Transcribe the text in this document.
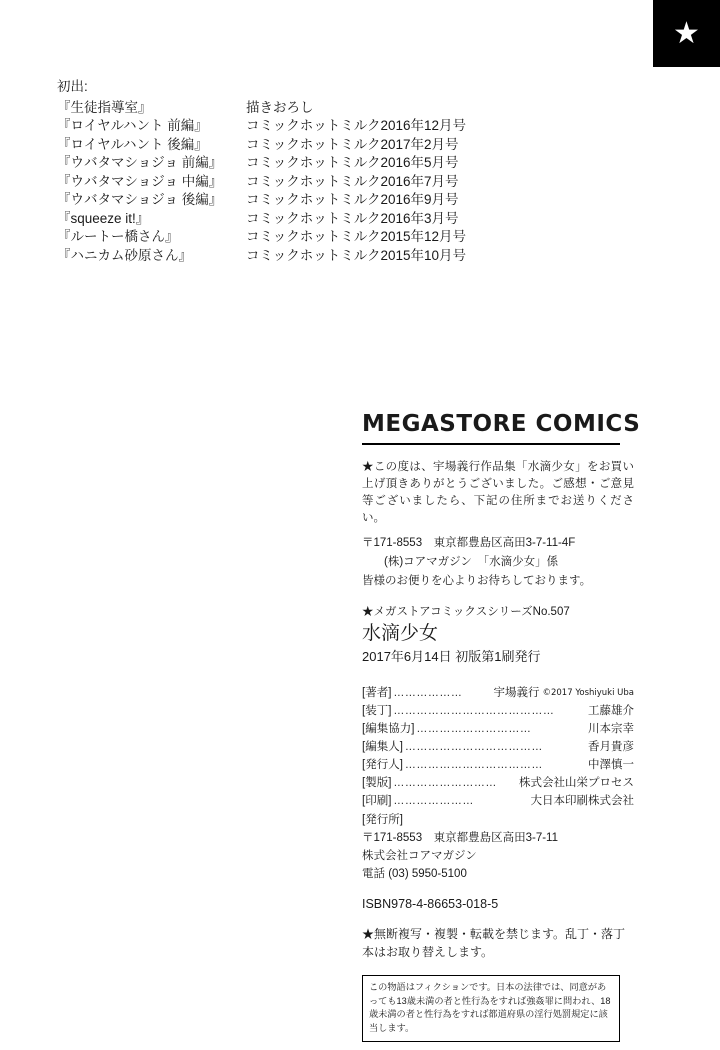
★
初出:
『生徒指導室』	描きおろし
『ロイヤルハント 前編』	コミックホットミルク2016年12月号
『ロイヤルハント 後編』	コミックホットミルク2017年2月号
『ウバタマショジョ 前編』	コミックホットミルク2016年5月号
『ウバタマショジョ 中編』	コミックホットミルク2016年7月号
『ウバタマショジョ 後編』	コミックホットミルク2016年9月号
『squeeze it!』	コミックホットミルク2016年3月号
『ルートー橋さん』	コミックホットミルク2015年12月号
『ハニカム砂原さん』	コミックホットミルク2015年10月号
MEGASTORE COMICS
★この度は、宇場義行作品集「水滴少女」をお買い上げ頂きありがとうございました。ご感想・ご意見等ございましたら、下記の住所までお送りください。
〒171-8553　東京都豊島区高田3-7-11-4F
(株)コアマガジン　「水滴少女」係
皆様のお便りを心よりお待ちしております。
★メガストアコミックスシリーズNo.507
水滴少女
2017年6月14日 初版第1刷発行
[著者] ………………	宇場義行 ©2017 Yoshiyuki Uba
[装丁] ……………………………………	工藤雄介
[編集協力] …………………………	川本宗幸
[編集人] ………………………………	香月貴彦
[発行人] ………………………………	中澤慎一
[製版] ………………………	株式会社山栄プロセス
[印刷] …………………	大日本印刷株式会社
[発行所]
〒171-8553　東京都豊島区高田3-7-11
株式会社コアマガジン
電話 (03) 5950-5100
ISBN978-4-86653-018-5
★無断複写・複製・転載を禁じます。乱丁・落丁
本はお取り替えします。
この物語はフィクションです。日本の法律では、同意があっても13歳未満の者と性行為をすれば強姦罪に問われ、18歳未満の者と性行為をすれば都道府県の淫行処罰規定に該当します。
